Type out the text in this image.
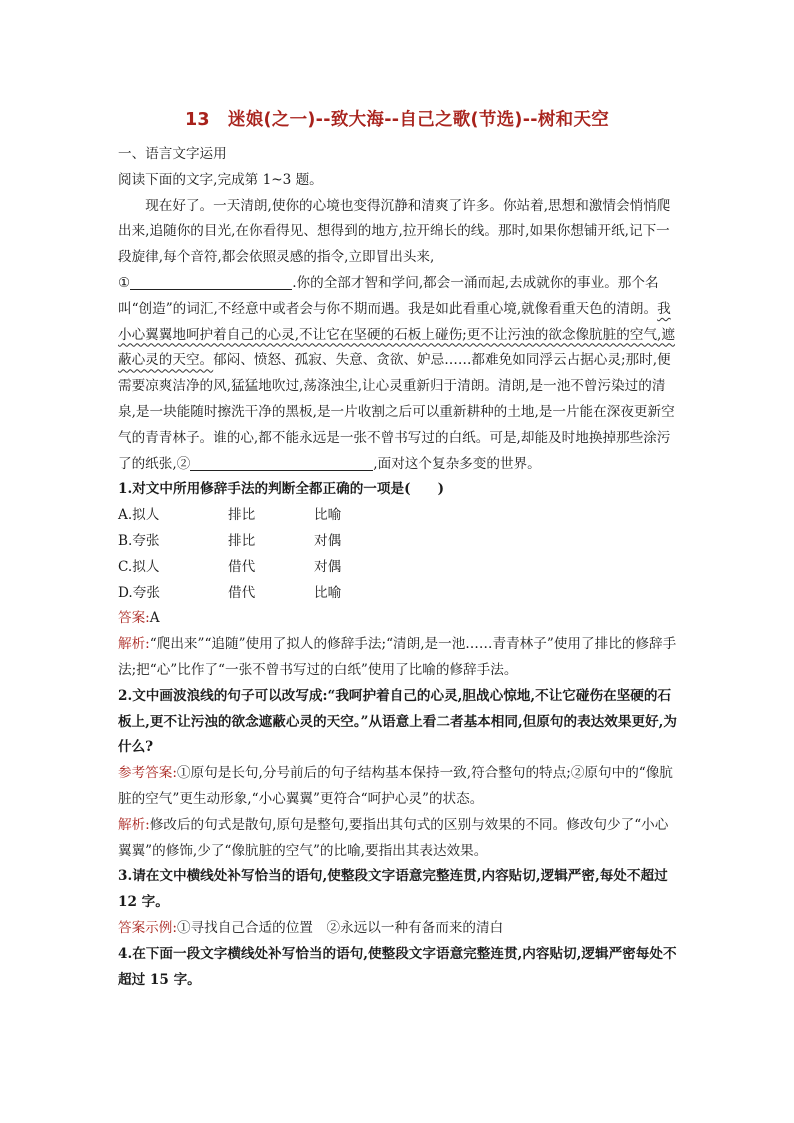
13 迷娘(之一)--致大海--自己之歌(节选)--树和天空

一、语言文字运用

阅读下面的文字,完成第 1~3 题。

现在好了。一天清朗,使你的心境也变得沉静和清爽了许多。你站着,思想和激情会悄悄爬出来,追随你的目光,在你看得见、想得到的地方,拉开绵长的线。那时,如果你想铺开纸,记下一段旋律,每个音符,都会依照灵感的指令,立即冒出头来,
①	.你的全部才智和学问,都会一涌而起,去成就你的事业。那个名叫“创造”的词汇,不经意中或者会与你不期而遇。我是如此看重心境,就像看重天色的清朗。我小心翼翼地呵护着自己的心灵,不让它在坚硬的石板上碰伤;更不让污浊的欲念像肮脏的空气,遮蔽心灵的天空。郁闷、愤怒、孤寂、失意、贪欲、妒忌……都难免如同浮云占据心灵;那时,便需要凉爽洁净的风,猛猛地吹过,荡涤浊尘,让心灵重新归于清朗。清朗,是一池不曾污染过的清泉,是一块能随时擦洗干净的黑板,是一片收割之后可以重新耕种的土地,是一片能在深夜更新空气的青青林子。谁的心,都不能永远是一张不曾书写过的白纸。可是,却能及时地换掉那些涂污了的纸张,②	,面对这个复杂多变的世界。

1.对文中所用修辞手法的判断全都正确的一项是(　　)

A.拟人	排比	比喻
B.夸张	排比	对偶
C.拟人	借代	对偶
D.夸张	借代	比喻

答案:A

解析:“爬出来”“追随”使用了拟人的修辞手法;“清朗,是一池……青青林子”使用了排比的修辞手法;把“心”比作了“一张不曾书写过的白纸”使用了比喻的修辞手法。

2.文中画波浪线的句子可以改写成:“我呵护着自己的心灵,胆战心惊地,不让它碰伤在坚硬的石板上,更不让污浊的欲念遮蔽心灵的天空。”从语意上看二者基本相同,但原句的表达效果更好,为什么?

参考答案:①原句是长句,分号前后的句子结构基本保持一致,符合整句的特点;②原句中的“像肮脏的空气”更生动形象,“小心翼翼”更符合“呵护心灵”的状态。

解析:修改后的句式是散句,原句是整句,要指出其句式的区别与效果的不同。修改句少了“小心翼翼”的修饰,少了“像肮脏的空气”的比喻,要指出其表达效果。

3.请在文中横线处补写恰当的语句,使整段文字语意完整连贯,内容贴切,逻辑严密,每处不超过 12 字。

答案示例:①寻找自己合适的位置　②永远以一种有备而来的清白

4.在下面一段文字横线处补写恰当的语句,使整段文字语意完整连贯,内容贴切,逻辑严密每处不超过 15 字。
